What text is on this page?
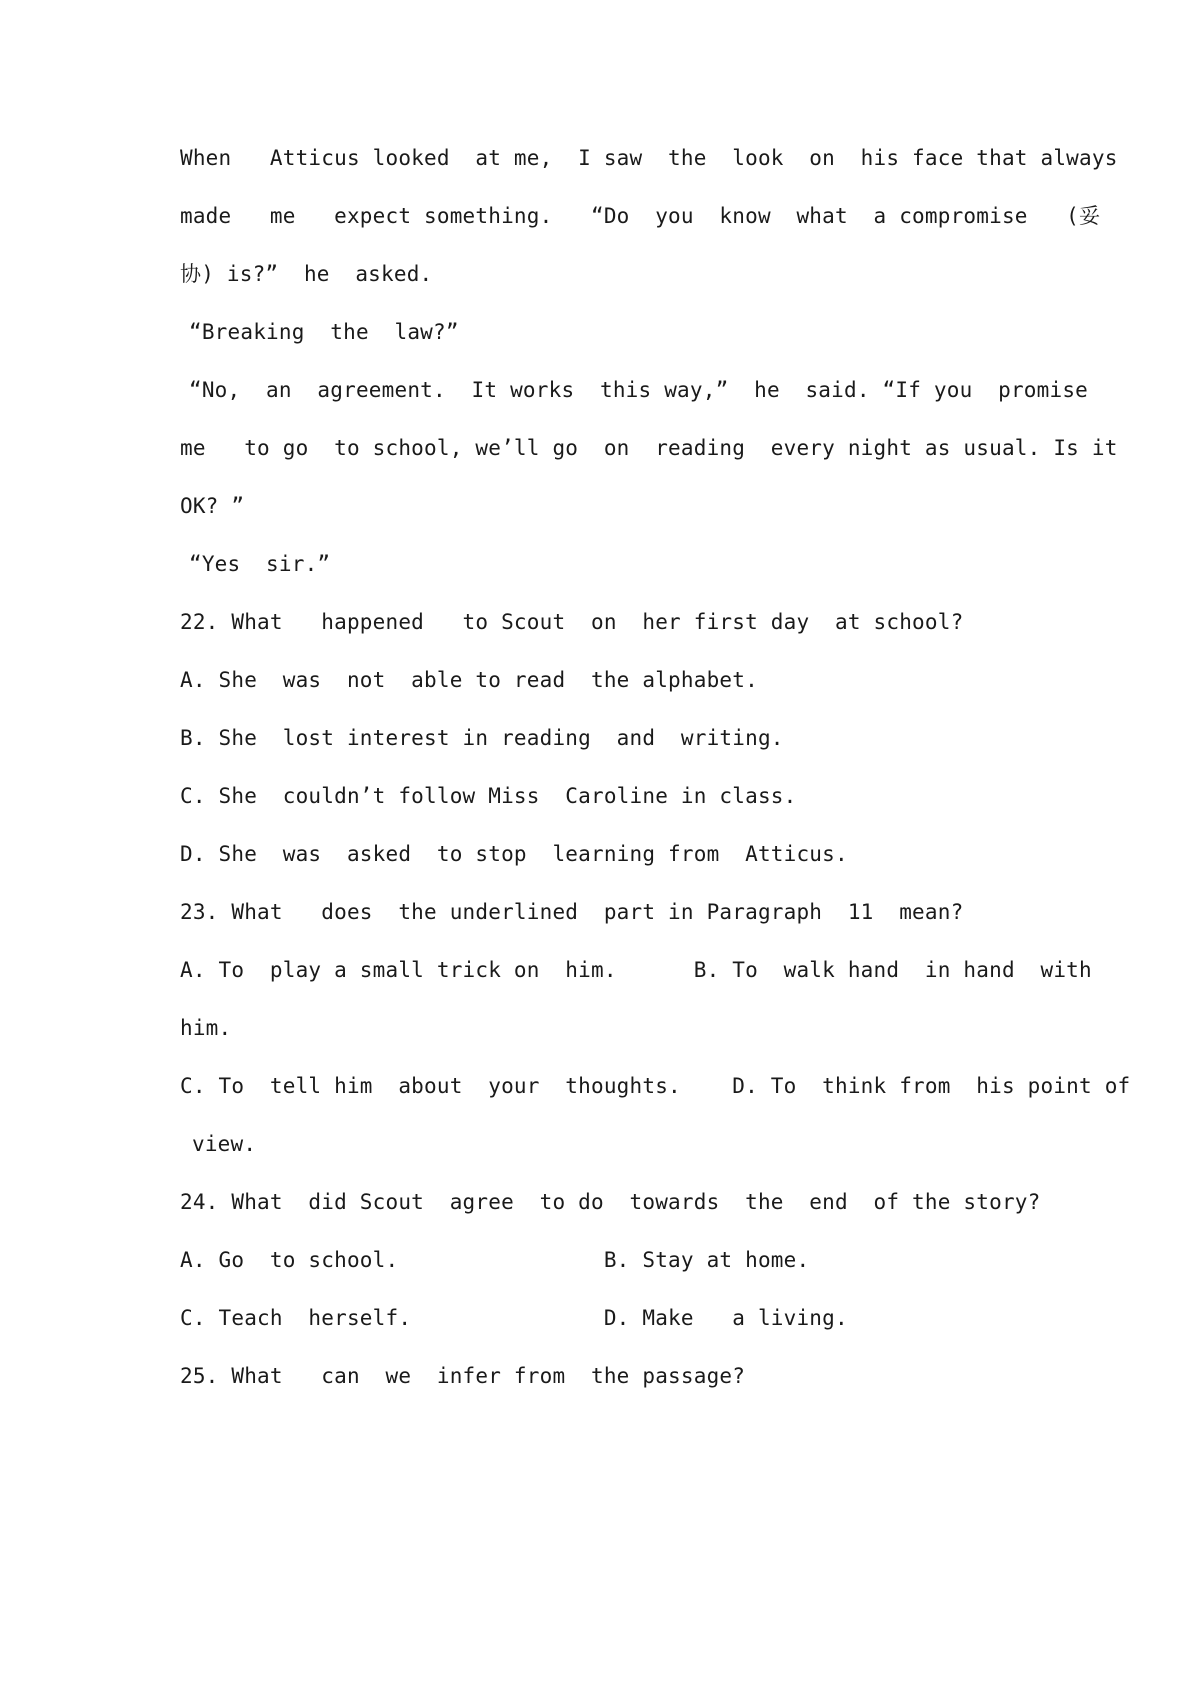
When   Atticus looked  at me,  I saw  the  look  on  his face that always
made   me   expect something.   “Do  you  know  what  a compromise   (妥
协) is?”  he  asked.
“Breaking  the  law?”
“No,  an  agreement.  It works  this way,”  he  said. “If you  promise
me   to go  to school, we’ll go  on  reading  every night as usual. Is it
OK? ”
“Yes  sir.”
22. What   happened   to Scout  on  her first day  at school?
A. She  was  not  able to read  the alphabet.
B. She  lost interest in reading  and  writing.
C. She  couldn’t follow Miss  Caroline in class.
D. She  was  asked  to stop  learning from  Atticus.
23. What   does  the underlined  part in Paragraph  11  mean?
A. To  play a small trick on  him.      B. To  walk hand  in hand  with
him.
C. To  tell him  about  your  thoughts.    D. To  think from  his point of
view.
24. What  did Scout  agree  to do  towards  the  end  of the story?
A. Go  to school.                B. Stay at home.
C. Teach  herself.               D. Make   a living.
25. What   can  we  infer from  the passage?
